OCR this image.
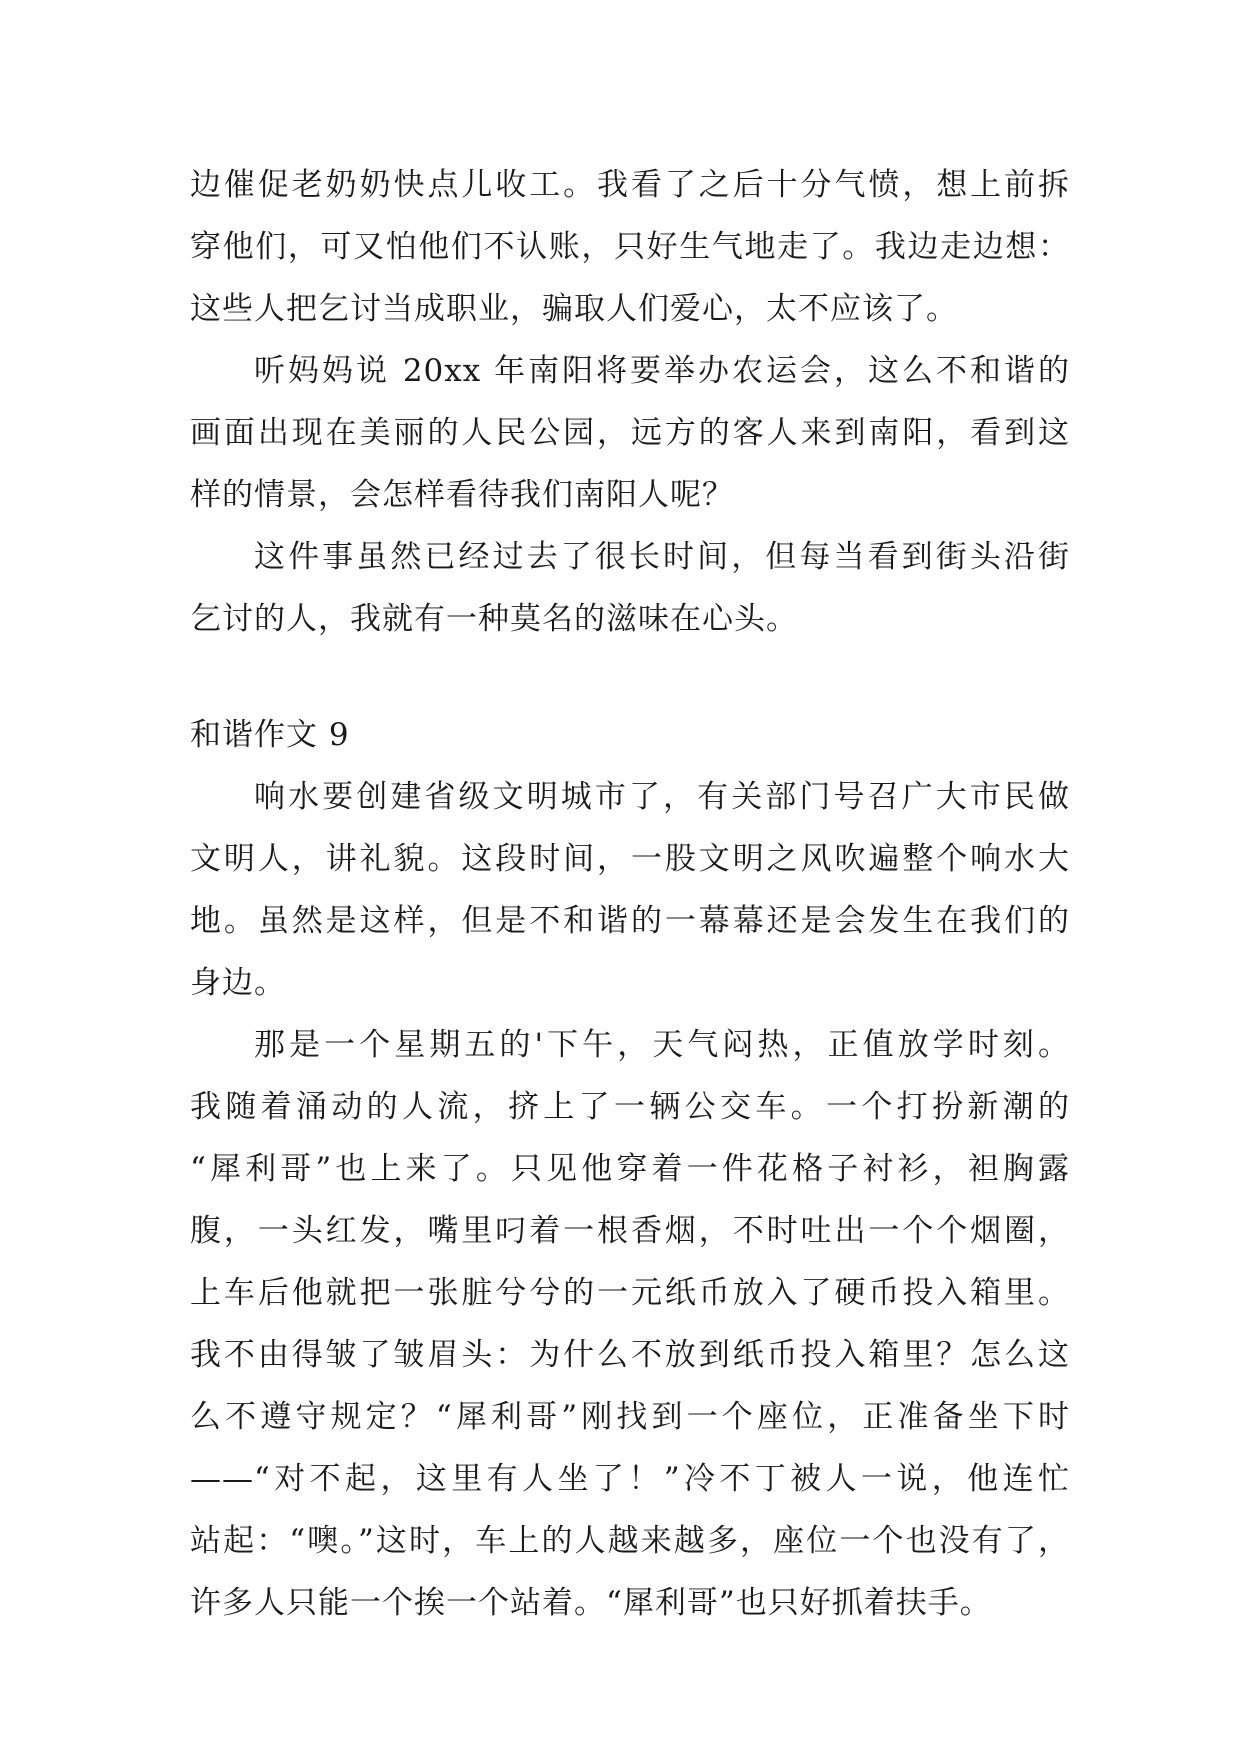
边催促老奶奶快点儿收工。我看了之后十分气愤，想上前拆
穿他们，可又怕他们不认账，只好生气地走了。我边走边想：
这些人把乞讨当成职业，骗取人们爱心，太不应该了。
听妈妈说 20xx 年南阳将要举办农运会，这么不和谐的
画面出现在美丽的人民公园，远方的客人来到南阳，看到这
样的情景，会怎样看待我们南阳人呢？
这件事虽然已经过去了很长时间，但每当看到街头沿街
乞讨的人，我就有一种莫名的滋味在心头。
和谐作文 9
响水要创建省级文明城市了，有关部门号召广大市民做
文明人，讲礼貌。这段时间，一股文明之风吹遍整个响水大
地。虽然是这样，但是不和谐的一幕幕还是会发生在我们的
身边。
那是一个星期五的'下午，天气闷热，正值放学时刻。
我随着涌动的人流，挤上了一辆公交车。一个打扮新潮的
“犀利哥”也上来了。只见他穿着一件花格子衬衫，袒胸露
腹，一头红发，嘴里叼着一根香烟，不时吐出一个个烟圈，
上车后他就把一张脏兮兮的一元纸币放入了硬币投入箱里。
我不由得皱了皱眉头：为什么不放到纸币投入箱里？怎么这
么不遵守规定？“犀利哥”刚找到一个座位，正准备坐下时
——“对不起，这里有人坐了！”冷不丁被人一说，他连忙
站起：“噢。”这时，车上的人越来越多，座位一个也没有了，
许多人只能一个挨一个站着。“犀利哥”也只好抓着扶手。
